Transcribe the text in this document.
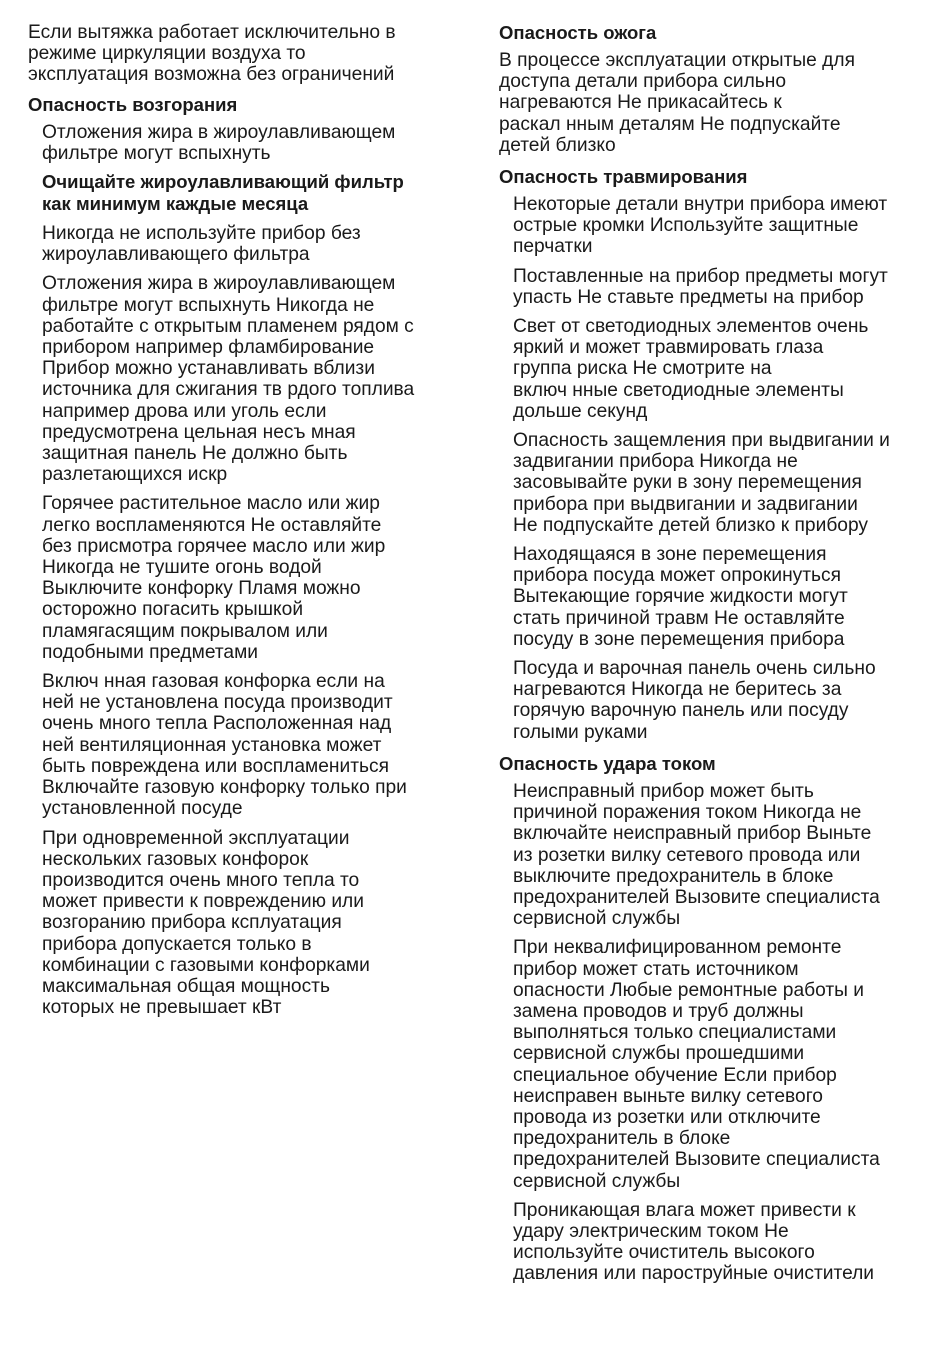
Если вытяжка работает исключительно в
режиме циркуляции воздуха то
эксплуатация возможна без ограничений

Опасность возгорания

Отложения жира в жироулавливающем
фильтре могут вспыхнуть

Очищайте жироулавливающий фильтр
как минимум каждые месяца

Никогда не используйте прибор без
жироулавливающего фильтра

Отложения жира в жироулавливающем
фильтре могут вспыхнуть Никогда не
работайте с открытым пламенем рядом с
прибором например фламбирование
Прибор можно устанавливать вблизи
источника для сжигания тв рдого топлива
например дрова или уголь если
предусмотрена цельная несъ мная
защитная панель Не должно быть
разлетающихся искр

Горячее растительное масло или жир
легко воспламеняются Не оставляйте
без присмотра горячее масло или жир
Никогда не тушите огонь водой
Выключите конфорку Пламя можно
осторожно погасить крышкой
пламягасящим покрывалом или
подобными предметами

Включ нная газовая конфорка если на
ней не установлена посуда производит
очень много тепла Расположенная над
ней вентиляционная установка может
быть повреждена или воспламениться
Включайте газовую конфорку только при
установленной посуде

При одновременной эксплуатации
нескольких газовых конфорок
производится очень много тепла то
может привести к повреждению или
возгоранию прибора ксплуатация
прибора допускается только в
комбинации с газовыми конфорками
максимальная общая мощность
которых не превышает кВт

Опасность ожога

В процессе эксплуатации открытые для
доступа детали прибора сильно
нагреваются Не прикасайтесь к
раскал нным деталям Не подпускайте
детей близко

Опасность травмирования

Некоторые детали внутри прибора имеют
острые кромки Используйте защитные
перчатки

Поставленные на прибор предметы могут
упасть Не ставьте предметы на прибор

Свет от светодиодных элементов очень
яркий и может травмировать глаза
группа риска Не смотрите на
включ нные светодиодные элементы
дольше секунд

Опасность защемления при выдвигании и
задвигании прибора Никогда не
засовывайте руки в зону перемещения
прибора при выдвигании и задвигании
Не подпускайте детей близко к прибору

Находящаяся в зоне перемещения
прибора посуда может опрокинуться
Вытекающие горячие жидкости могут
стать причиной травм Не оставляйте
посуду в зоне перемещения прибора

Посуда и варочная панель очень сильно
нагреваются Никогда не беритесь за
горячую варочную панель или посуду
голыми руками

Опасность удара током

Неисправный прибор может быть
причиной поражения током Никогда не
включайте неисправный прибор Выньте
из розетки вилку сетевого провода или
выключите предохранитель в блоке
предохранителей Вызовите специалиста
сервисной службы

При неквалифицированном ремонте
прибор может стать источником
опасности Любые ремонтные работы и
замена проводов и труб должны
выполняться только специалистами
сервисной службы прошедшими
специальное обучение Если прибор
неисправен выньте вилку сетевого
провода из розетки или отключите
предохранитель в блоке
предохранителей Вызовите специалиста
сервисной службы

Проникающая влага может привести к
удару электрическим током Не
используйте очиститель высокого
давления или пароструйные очистители
